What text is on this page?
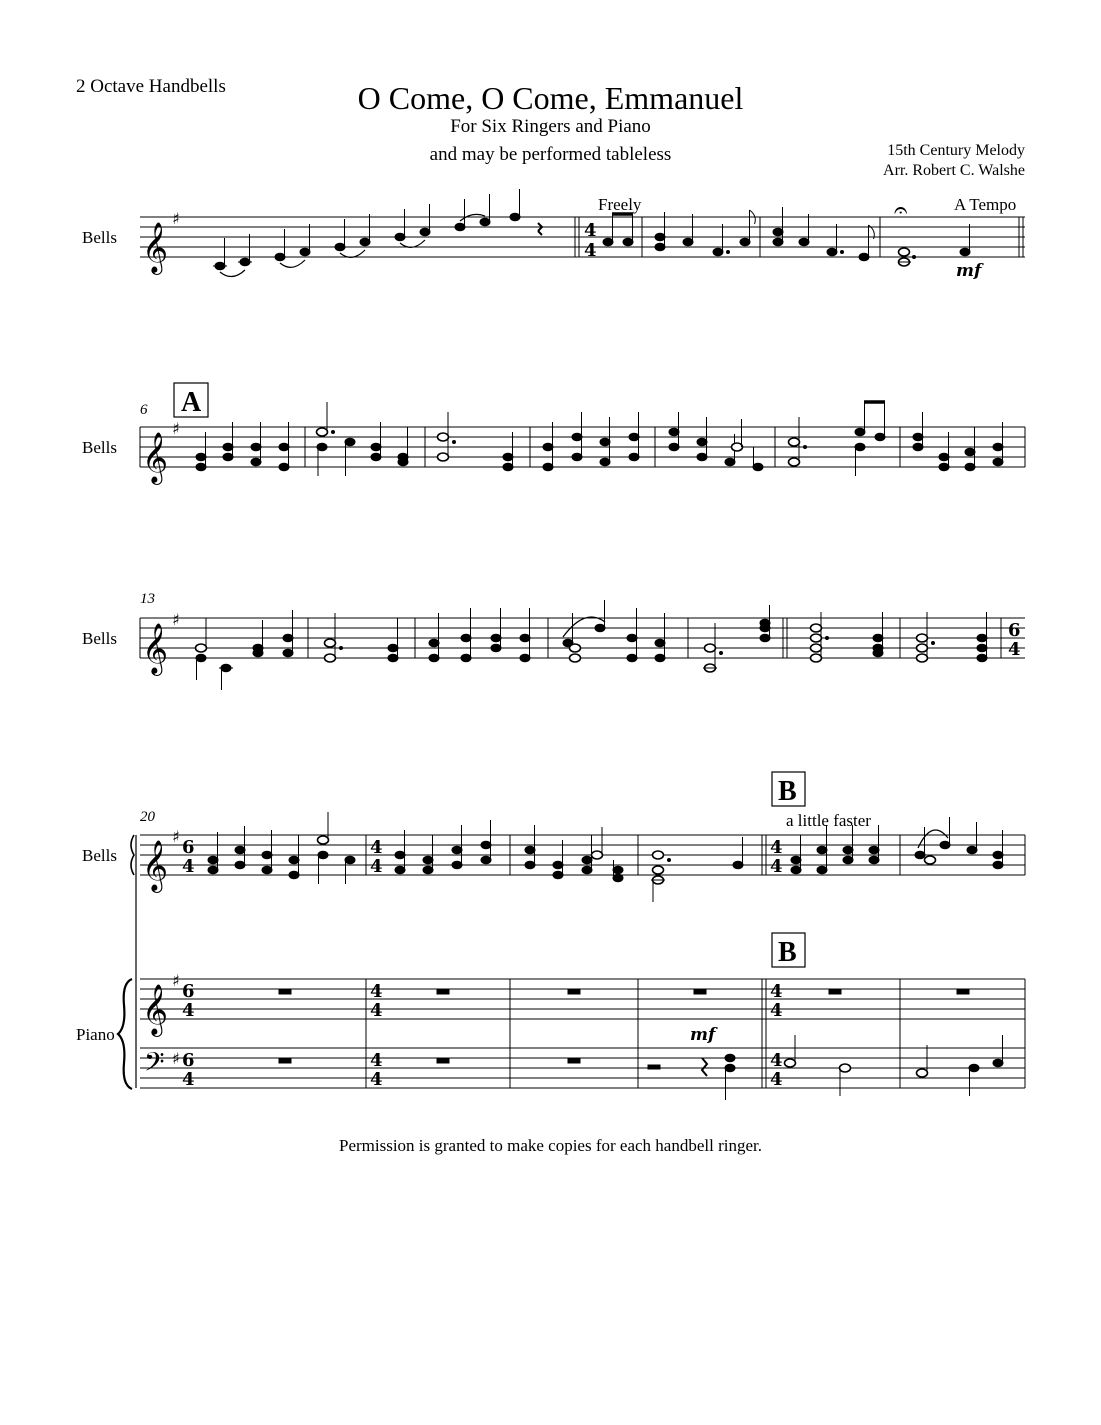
2 Octave Handbells	O Come, O Come, Emmanuel
For Six Ringers and Piano
and may be performed tableless	15th Century Melody
Arr. Robert C. Walshe
Bells 𝄞
♯
Freely
4
4
𝄐	A Tempo
mf
Bells
6 A
𝄞
♯
Bells
13
𝄞
♯
6
4
20
Bells 𝄞
♯
6
4
4
4
4
4
B
a little faster
Piano 𝄞
𝄢
♯
♯
6
4
6
4
4
4
4
4
4
4
4
4
B
mf
Permission is granted to make copies for each handbell ringer.
